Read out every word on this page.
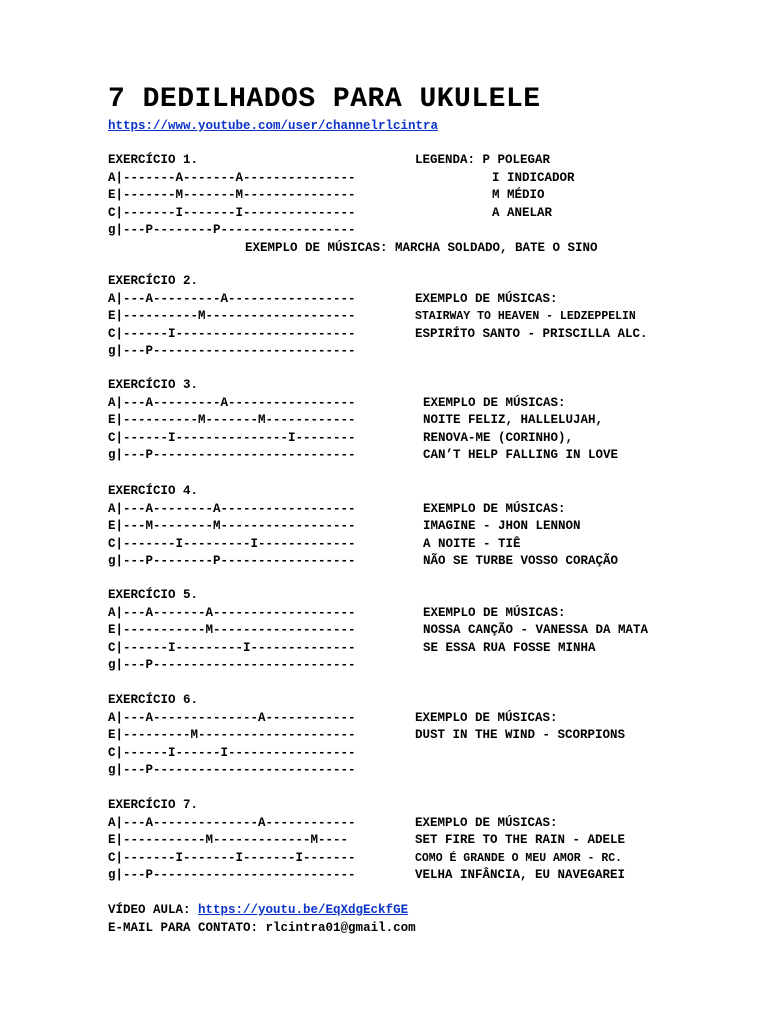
7 DEDILHADOS PARA UKULELE
https://www.youtube.com/user/channelrlcintra
EXERCÍCIO 1.
A|-------A-------A---------------
E|-------M-------M---------------
C|-------I-------I---------------
g|---P--------P------------------
LEGENDA: P POLEGAR
I INDICADOR
M MÉDIO
A ANELAR
EXEMPLO DE MÚSICAS: MARCHA SOLDADO, BATE O SINO
EXERCÍCIO 2.
A|---A---------A-----------------
E|----------M--------------------
C|------I------------------------
g|---P---------------------------
EXEMPLO DE MÚSICAS:
STAIRWAY TO HEAVEN - LEDZEPPELIN
ESPIRÍTO SANTO - PRISCILLA ALC.
EXERCÍCIO 3.
A|---A---------A-----------------
E|----------M-------M------------
C|------I---------------I--------
g|---P---------------------------
EXEMPLO DE MÚSICAS:
NOITE FELIZ, HALLELUJAH,
RENOVA-ME (CORINHO),
CAN’T HELP FALLING IN LOVE
EXERCÍCIO 4.
A|---A--------A------------------
E|---M--------M------------------
C|-------I---------I-------------
g|---P--------P------------------
EXEMPLO DE MÚSICAS:
IMAGINE - JHON LENNON
A NOITE - TIÊ
NÃO SE TURBE VOSSO CORAÇÃO
EXERCÍCIO 5.
A|---A-------A-------------------
E|-----------M-------------------
C|------I---------I--------------
g|---P---------------------------
EXEMPLO DE MÚSICAS:
NOSSA CANÇÃO - VANESSA DA MATA
SE ESSA RUA FOSSE MINHA
EXERCÍCIO 6.
A|---A--------------A------------
E|---------M---------------------
C|------I------I-----------------
g|---P---------------------------
EXEMPLO DE MÚSICAS:
DUST IN THE WIND - SCORPIONS
EXERCÍCIO 7.
A|---A--------------A------------
E|-----------M-------------M----
C|-------I-------I-------I-------
g|---P---------------------------
EXEMPLO DE MÚSICAS:
SET FIRE TO THE RAIN - ADELE
COMO É GRANDE O MEU AMOR - RC.
VELHA INFÂNCIA, EU NAVEGAREI
VÍDEO AULA: https://youtu.be/EqXdgEckfGE
E-MAIL PARA CONTATO: rlcintra01@gmail.com
